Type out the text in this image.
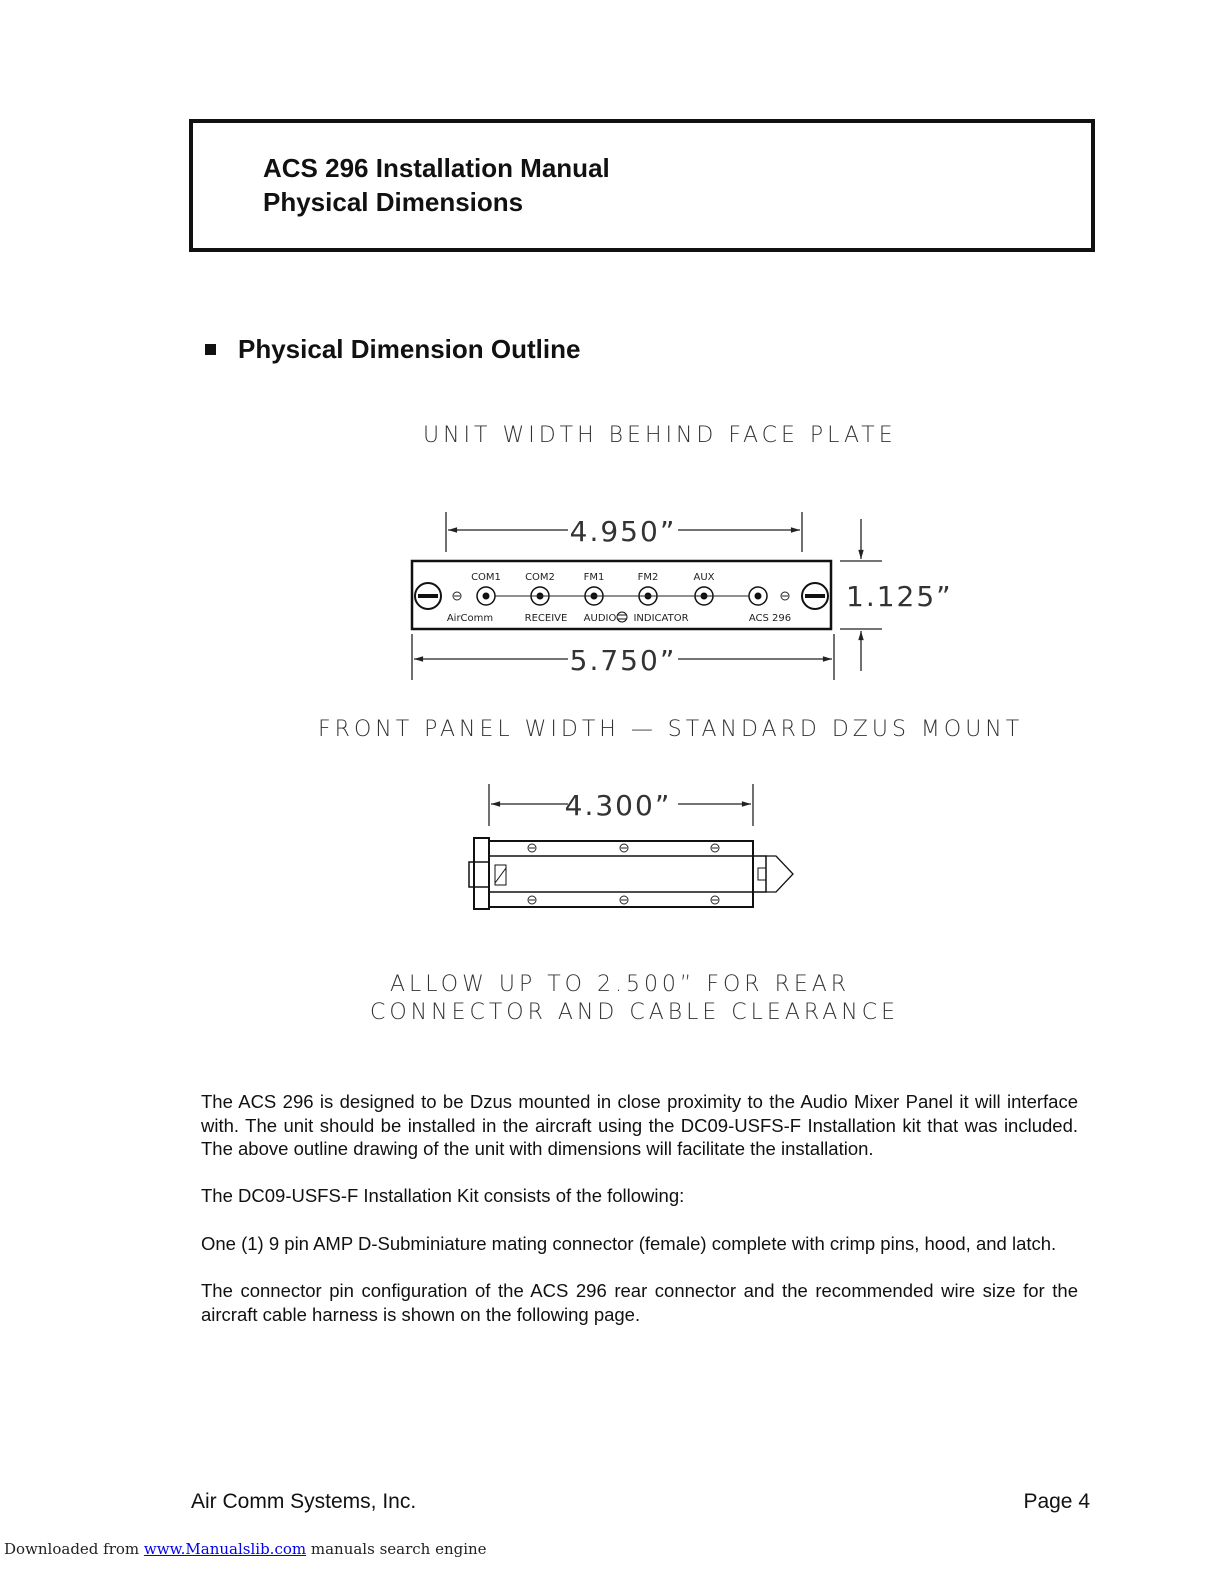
ACS 296 Installation Manual
Physical Dimensions
Physical Dimension Outline
UNIT WIDTH BEHIND FACE PLATE
FRONT PANEL WIDTH — STANDARD DZUS MOUNT
ALLOW UP TO 2.500” FOR REAR
CONNECTOR AND CABLE CLEARANCE
4.950”
COM1 COM2	FM1	FM2	AUX
AirComm	RECEIVE AUDIO INDICATOR	ACS 296
1.125”
5.750”
4.300”
The ACS 296 is designed to be Dzus mounted in close proximity to the Audio Mixer Panel it will interface with. The unit should be installed in the aircraft using the DC09-USFS-F Installation kit that was included. The above outline drawing of the unit with dimensions will facilitate the installation.
The DC09-USFS-F Installation Kit consists of the following:
One (1) 9 pin AMP D-Subminiature mating connector (female) complete with crimp pins, hood, and latch.
The connector pin configuration of the ACS 296 rear connector and the recommended wire size for the aircraft cable harness is shown on the following page.
Air Comm Systems, Inc.	Page 4
Downloaded from www.Manualslib.com manuals search engine
